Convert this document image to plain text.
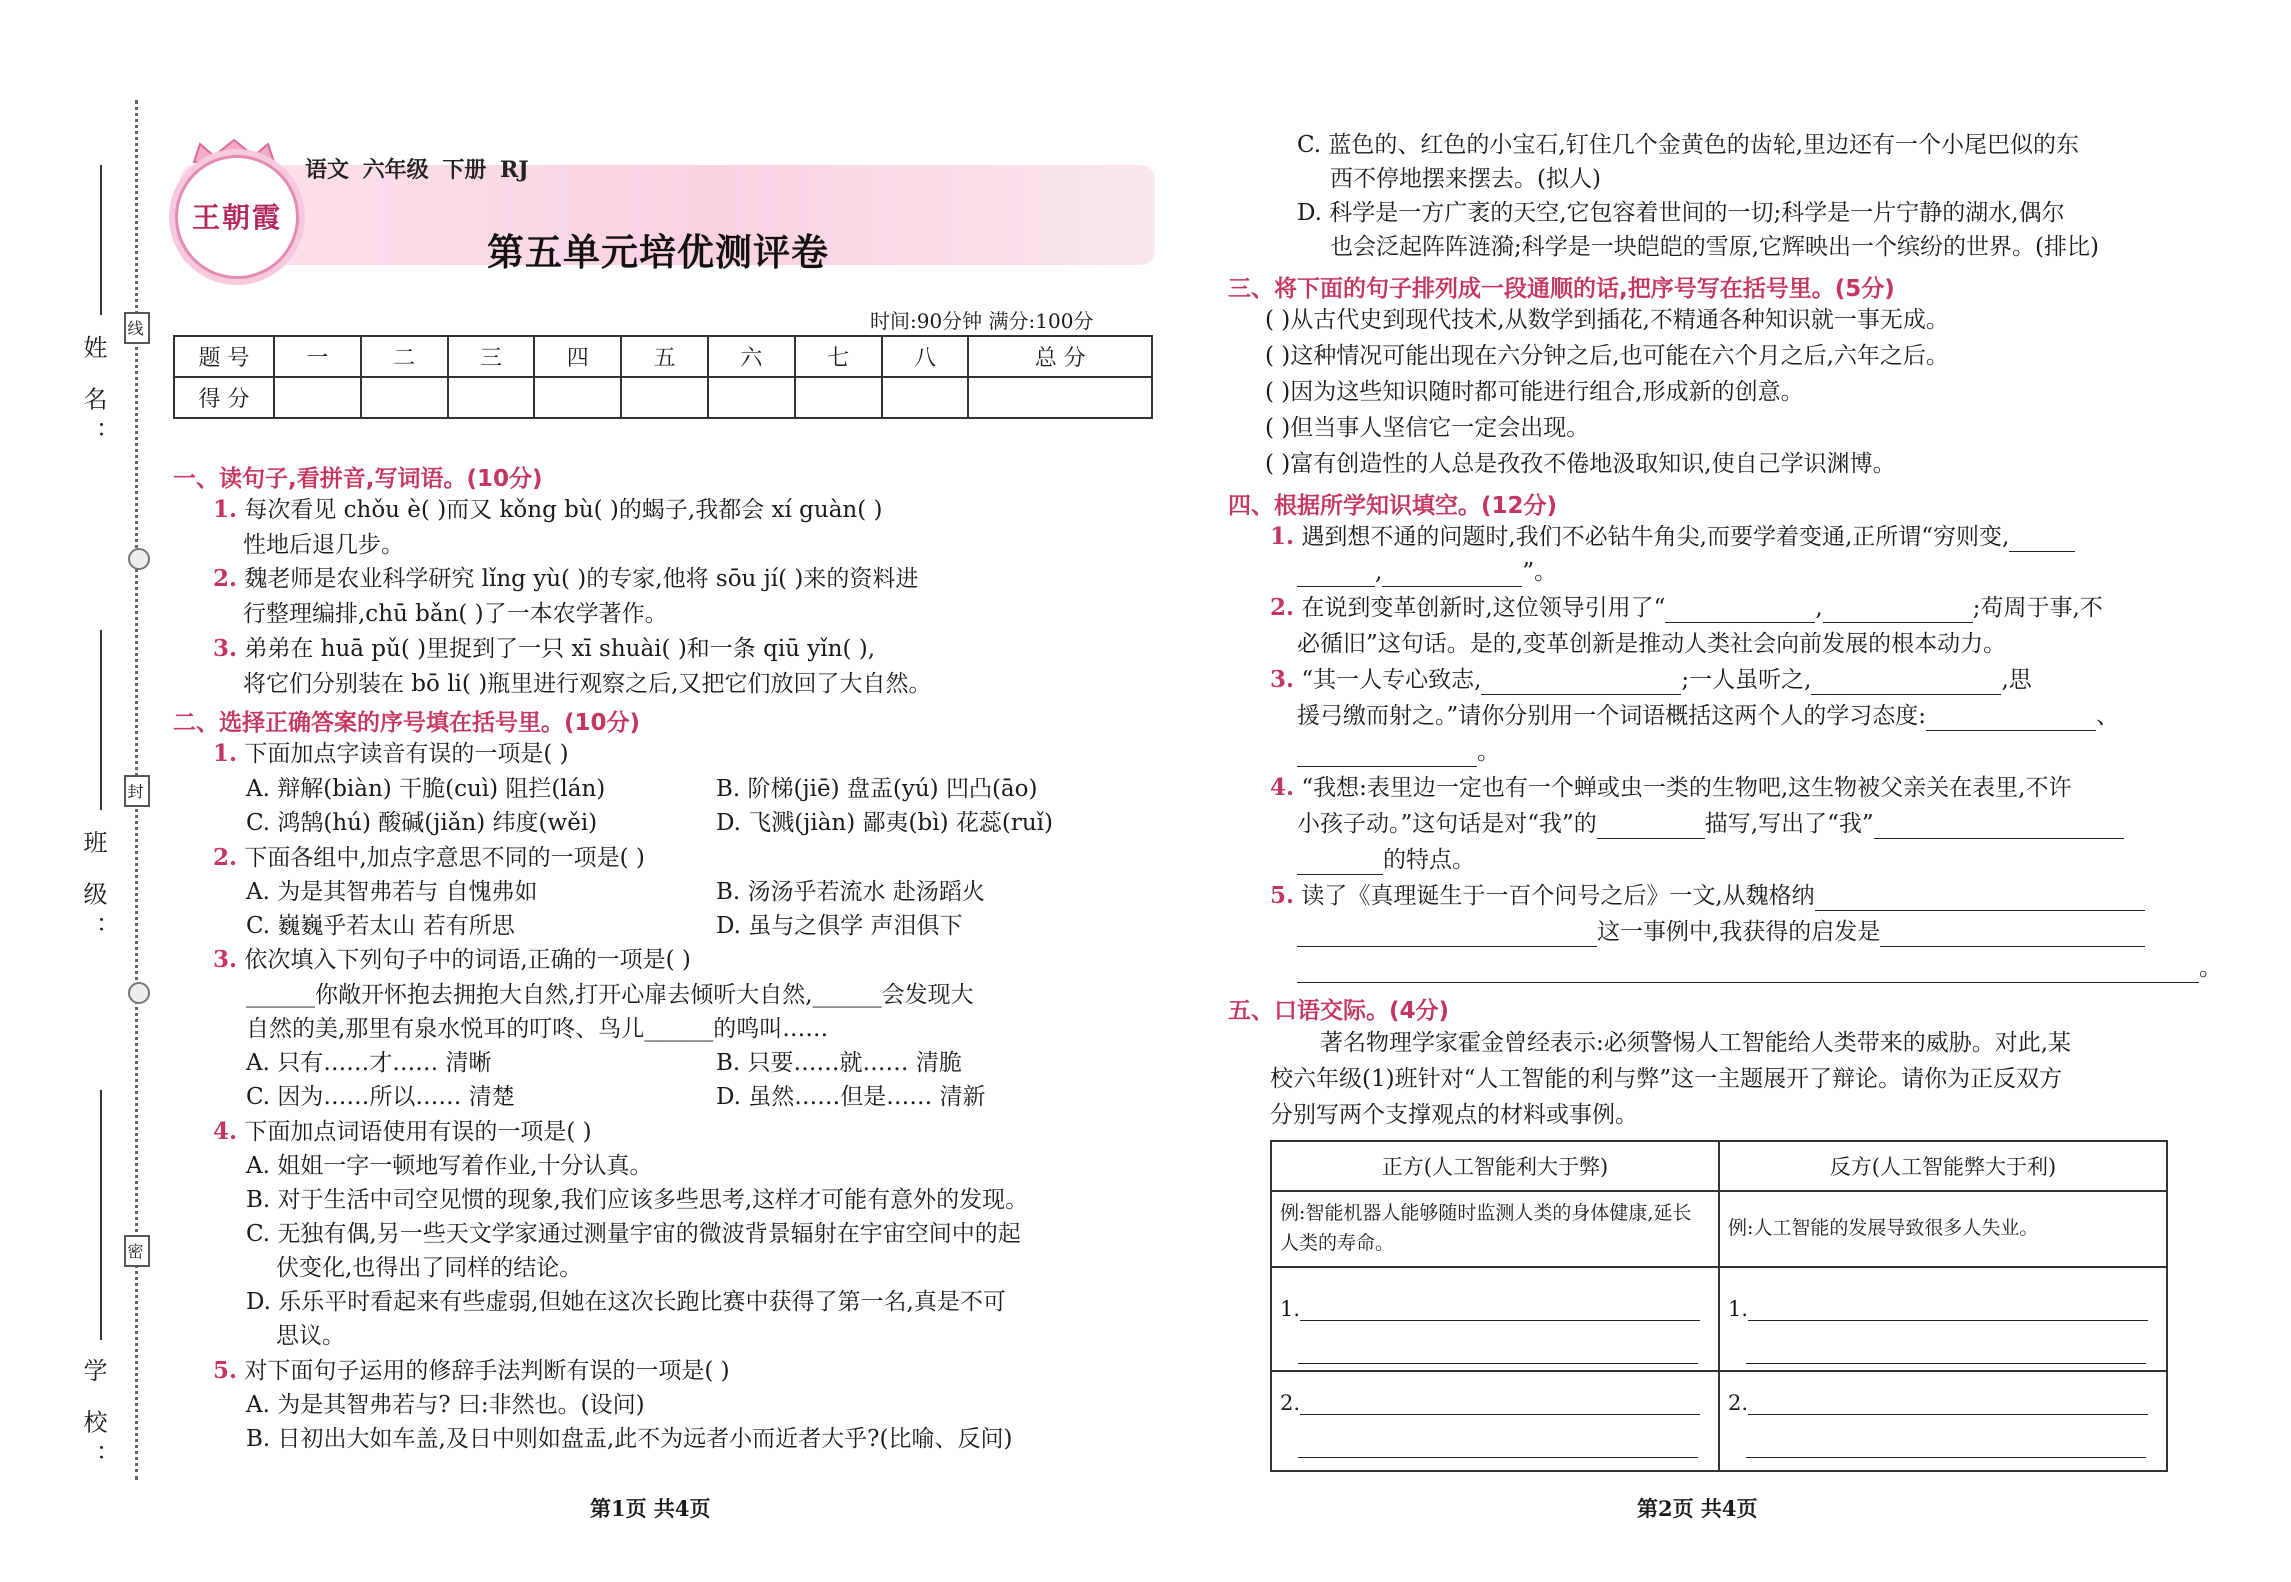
姓 名：
班 级：
学 校：
线
封
密
王朝霞
语文 六年级 下册 RJ
第五单元培优测评卷
时间:90分钟 满分:100分
题 号	一	二	三	四	五	六	七	八	总 分
得 分									
一、读句子,看拼音,写词语。(10分)
1. 每次看见 chǒu è( )而又 kǒng bù( )的蝎子,我都会 xí guàn( )
性地后退几步。
2. 魏老师是农业科学研究 lǐng yù( )的专家,他将 sōu jí( )来的资料进
行整理编排,chū bǎn( )了一本农学著作。
3. 弟弟在 huā pǔ( )里捉到了一只 xī shuài( )和一条 qiū yǐn( ),
将它们分别装在 bō li( )瓶里进行观察之后,又把它们放回了大自然。
二、选择正确答案的序号填在括号里。(10分)
1. 下面加点字读音有误的一项是( )
A. 辩解(biàn) 干脆(cuì) 阻拦(lán)	B. 阶梯(jiē) 盘盂(yú) 凹凸(āo)
C. 鸿鹄(hú) 酸碱(jiǎn) 纬度(wěi)	D. 飞溅(jiàn) 鄙夷(bì) 花蕊(ruǐ)
2. 下面各组中,加点字意思不同的一项是( )
A. 为是其智弗若与 自愧弗如	B. 汤汤乎若流水 赴汤蹈火
C. 巍巍乎若太山 若有所思	D. 虽与之俱学 声泪俱下
3. 依次填入下列句子中的词语,正确的一项是( )
______你敞开怀抱去拥抱大自然,打开心扉去倾听大自然,______会发现大
自然的美,那里有泉水悦耳的叮咚、鸟儿______的鸣叫……
A. 只有……才…… 清晰	B. 只要……就…… 清脆
C. 因为……所以…… 清楚	D. 虽然……但是…… 清新
4. 下面加点词语使用有误的一项是( )
A. 姐姐一字一顿地写着作业,十分认真。
B. 对于生活中司空见惯的现象,我们应该多些思考,这样才可能有意外的发现。
C. 无独有偶,另一些天文学家通过测量宇宙的微波背景辐射在宇宙空间中的起
伏变化,也得出了同样的结论。
D. 乐乐平时看起来有些虚弱,但她在这次长跑比赛中获得了第一名,真是不可
思议。
5. 对下面句子运用的修辞手法判断有误的一项是( )
A. 为是其智弗若与? 曰:非然也。(设问)
B. 日初出大如车盖,及日中则如盘盂,此不为远者小而近者大乎?(比喻、反问)
第1页 共4页
C. 蓝色的、红色的小宝石,钉住几个金黄色的齿轮,里边还有一个小尾巴似的东
西不停地摆来摆去。(拟人)
D. 科学是一方广袤的天空,它包容着世间的一切;科学是一片宁静的湖水,偶尔
也会泛起阵阵涟漪;科学是一块皑皑的雪原,它辉映出一个缤纷的世界。(排比)
三、将下面的句子排列成一段通顺的话,把序号写在括号里。(5分)
( )从古代史到现代技术,从数学到插花,不精通各种知识就一事无成。
( )这种情况可能出现在六分钟之后,也可能在六个月之后,六年之后。
( )因为这些知识随时都可能进行组合,形成新的创意。
( )但当事人坚信它一定会出现。
( )富有创造性的人总是孜孜不倦地汲取知识,使自己学识渊博。
四、根据所学知识填空。(12分)
1. 遇到想不通的问题时,我们不必钻牛角尖,而要学着变通,正所谓“穷则变,
,	”。
2. 在说到变革创新时,这位领导引用了“	,	;苟周于事,不
必循旧”这句话。是的,变革创新是推动人类社会向前发展的根本动力。
3. “其一人专心致志,	;一人虽听之,	,思
援弓缴而射之。”请你分别用一个词语概括这两个人的学习态度:	、
。
4. “我想:表里边一定也有一个蝉或虫一类的生物吧,这生物被父亲关在表里,不许
小孩子动。”这句话是对“我”的	描写,写出了“我”
的特点。
5. 读了《真理诞生于一百个问号之后》一文,从魏格纳
这一事例中,我获得的启发是
。
五、口语交际。(4分)
著名物理学家霍金曾经表示:必须警惕人工智能给人类带来的威胁。对此,某
校六年级(1)班针对“人工智能的利与弊”这一主题展开了辩论。请你为正反双方
分别写两个支撑观点的材料或事例。
正方(人工智能利大于弊)	反方(人工智能弊大于利)
例:智能机器人能够随时监测人类的身体健康,延长人类的寿命。	例:人工智能的发展导致很多人失业。

1.	1.

2.	2.
第2页 共4页
